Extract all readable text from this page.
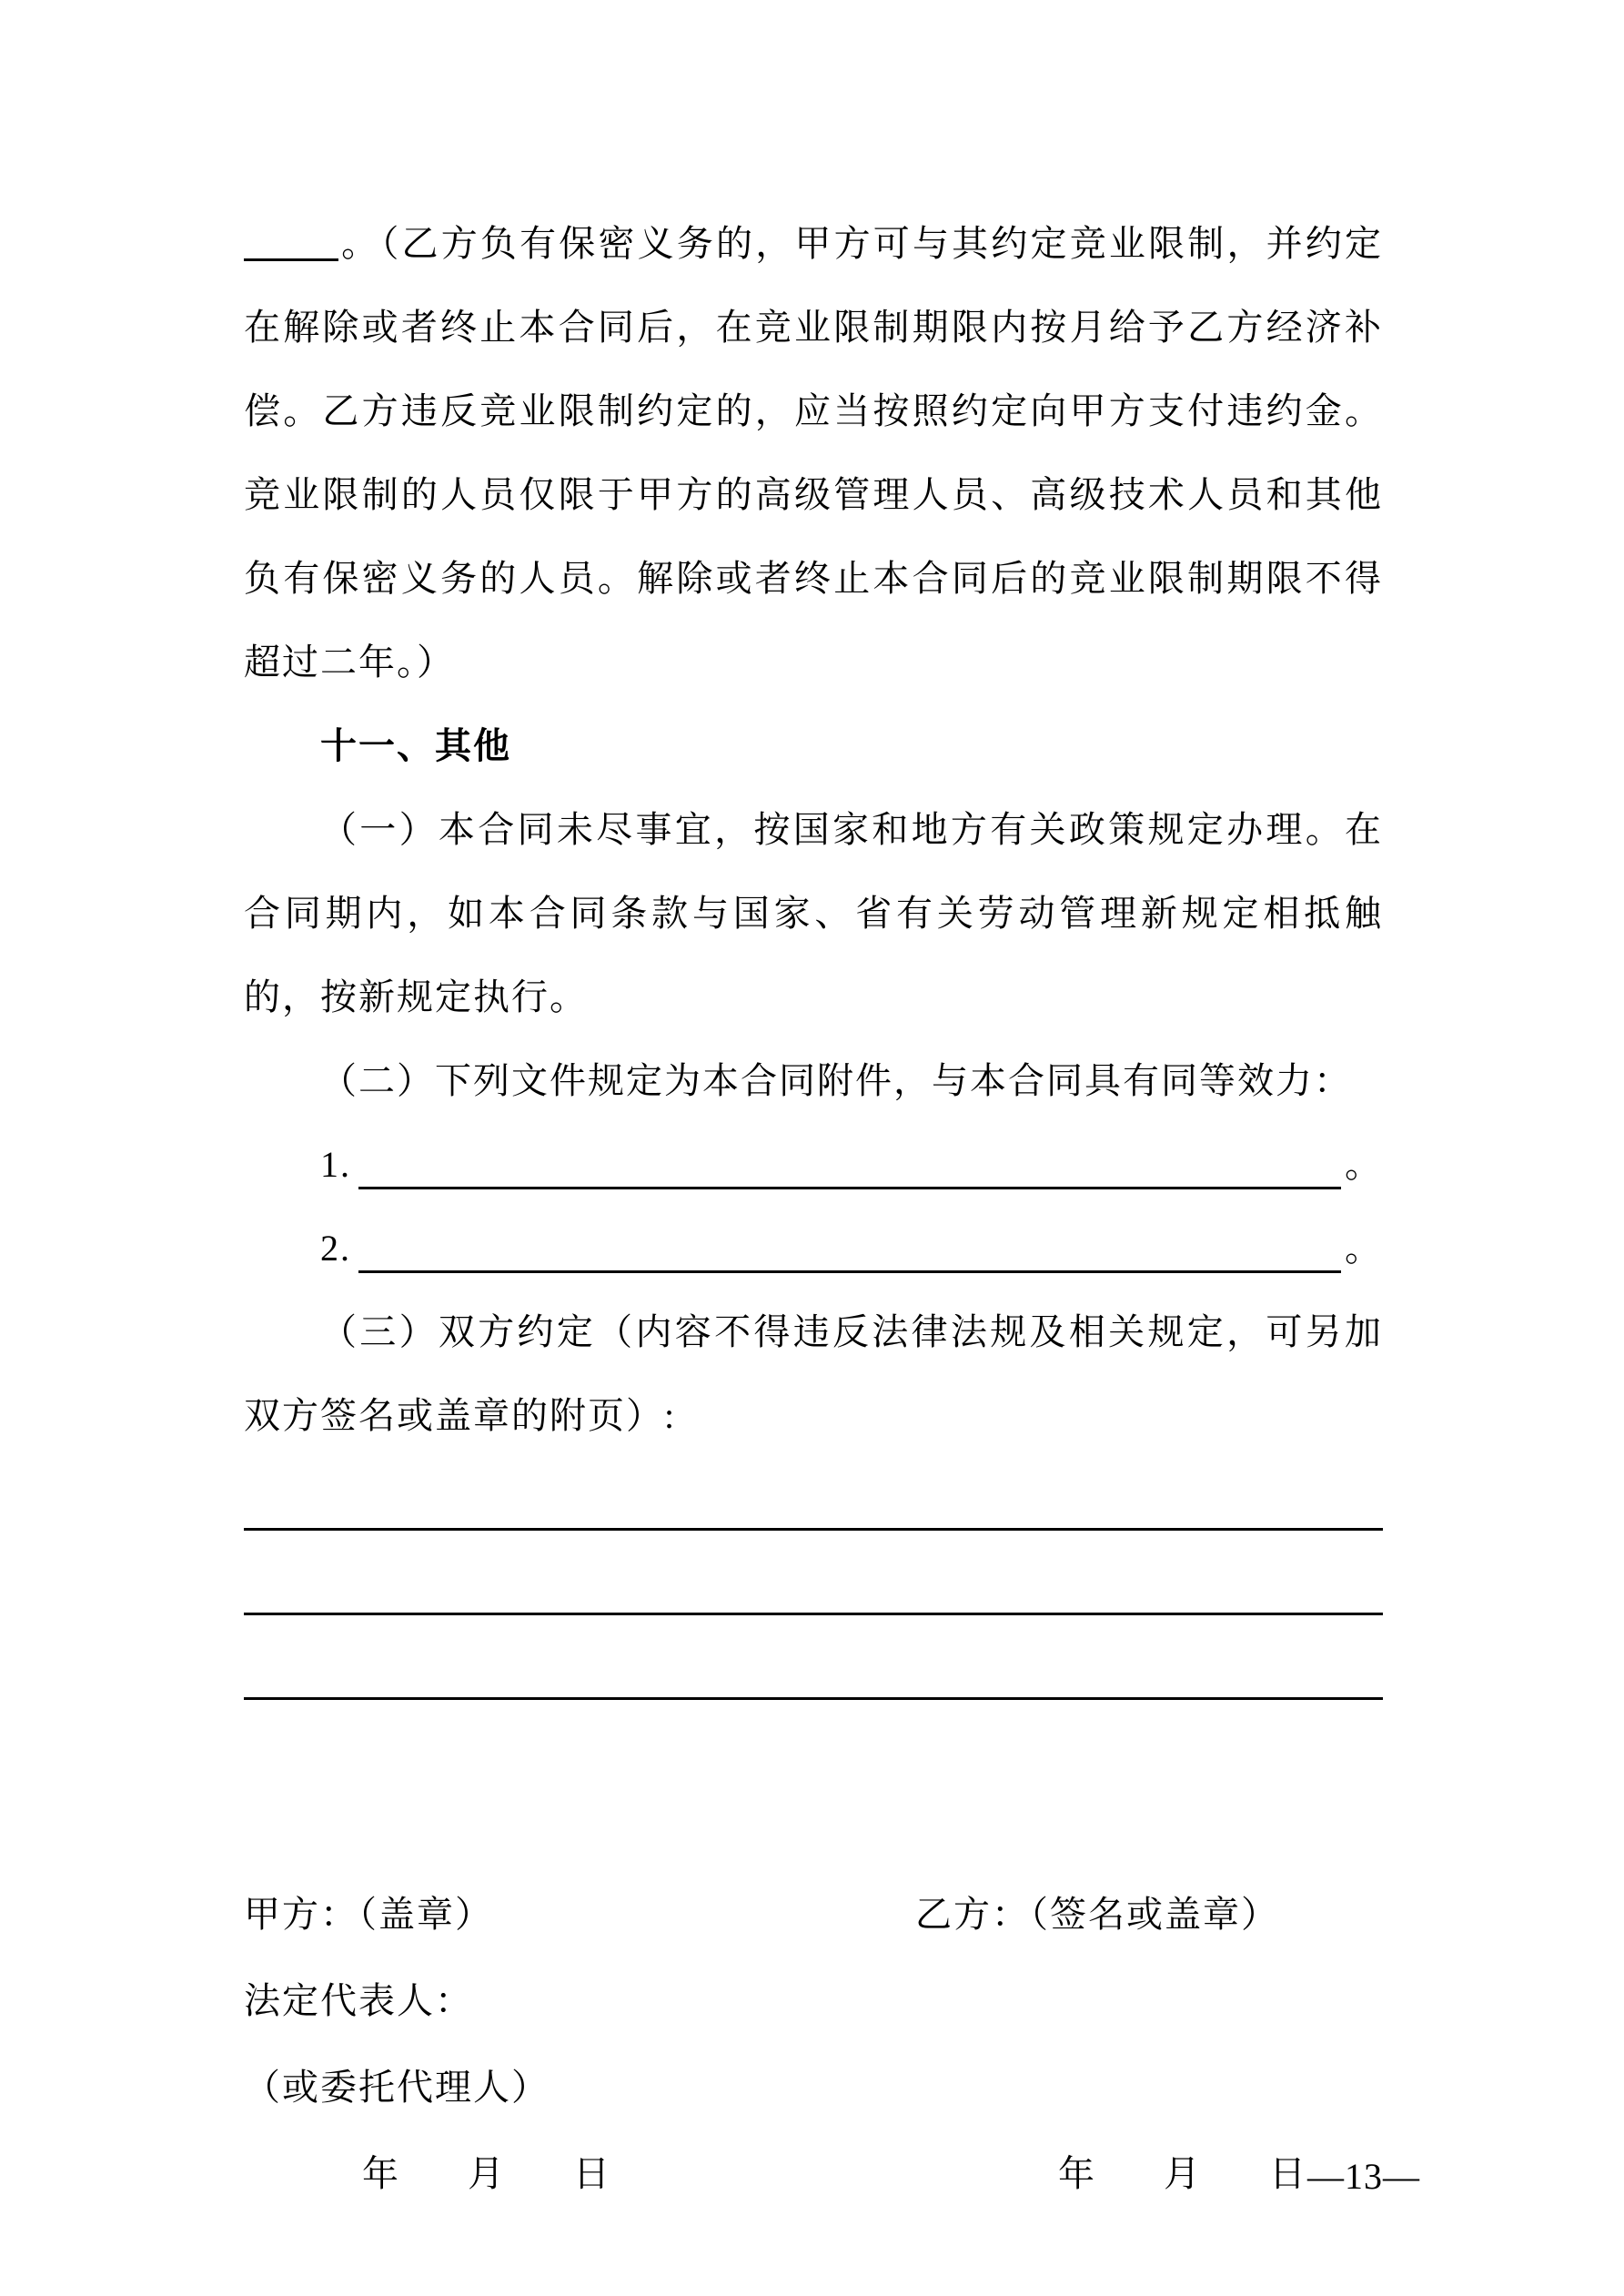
。（乙方负有保密义务的，甲方可与其约定竞业限制，并约定在解除或者终止本合同后，在竞业限制期限内按月给予乙方经济补偿。乙方违反竞业限制约定的，应当按照约定向甲方支付违约金。竞业限制的人员仅限于甲方的高级管理人员、高级技术人员和其他负有保密义务的人员。解除或者终止本合同后的竞业限制期限不得超过二年。）

十一、其他

（一）本合同未尽事宜，按国家和地方有关政策规定办理。在合同期内，如本合同条款与国家、省有关劳动管理新规定相抵触的，按新规定执行。

（二）下列文件规定为本合同附件，与本合同具有同等效力：

1.	。
2.	。

（三）双方约定（内容不得违反法律法规及相关规定，可另加双方签名或盖章的附页）:

甲方：（盖章）	乙方：（签名或盖章）
法定代表人：
（或委托代理人）
年 月 日	年 月 日 —13—
